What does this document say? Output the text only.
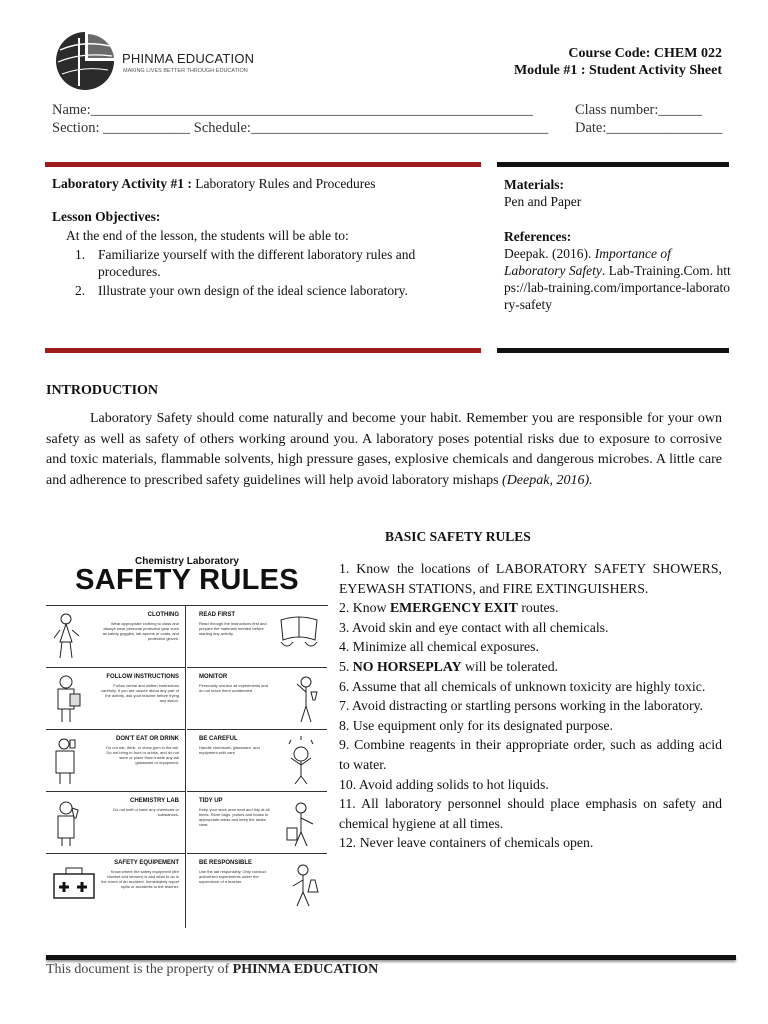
PHINMA EDUCATION
MAKING LIVES BETTER THROUGH EDUCATION
Course Code: CHEM 022
Module #1 : Student Activity Sheet
Name:_____________________________________________________________	Class number:______
Section: ____________ Schedule:_________________________________________ Date:________________
Laboratory Activity #1 : Laboratory Rules and Procedures
Lesson Objectives:
At the end of the lesson, the students will be able to:
1. Familiarize yourself with the different laboratory rules and procedures.
2. Illustrate your own design of the ideal science laboratory.
Materials:
Pen and Paper
References:
Deepak. (2016). Importance of Laboratory Safety. Lab-Training.Com. https://lab-training.com/importance-laboratory-safety
INTRODUCTION

Laboratory Safety should come naturally and become your habit. Remember you are responsible for your own safety as well as safety of others working around you. A laboratory poses potential risks due to exposure to corrosive and toxic materials, flammable solvents, high pressure gases, explosive chemicals and dangerous microbes. A little care and adherence to prescribed safety guidelines will help avoid laboratory mishaps (Deepak, 2016).

Chemistry Laboratory
SAFETY RULES
CLOTHING
Wear appropriate clothing to class and always wear personal protective gear such as safety goggles, lab aprons or coats, and protective gloves.
READ FIRST
Read through the instructions first and prepare the materials needed before starting any activity.
FOLLOW INSTRUCTIONS
Follow verbal and written instructions carefully. If you are unsure about any part of the activity, ask your teacher before trying any action.
MONITOR
Personally monitor all experiments and do not leave them unattended.
DON'T EAT OR DRINK
Do not eat, drink, or chew gum in the lab. Do not bring in food or drinks, and do not store or place them inside any lab glassware or equipment.
BE CAREFUL
Handle chemicals, glassware, and equipment with care.
CHEMISTRY LAB
Do not sniff or taste any chemicals or substances.
TIDY UP
Keep your work area neat and tidy at all times. Store bags, purses and books in appropriate areas and keep the aisles clear.
SAFETY EQUIPEMENT
Know where the safety equipment (fire blanket and shower) is and what to do in the event of an accident. Immediately report spills or accidents to the teacher.
BE RESPONSIBLE
Use the lab responsibly. Only conduct authorized experiments under the supervision of a teacher.
BASIC SAFETY RULES
1. Know the locations of LABORATORY SAFETY SHOWERS, EYEWASH STATIONS, and FIRE EXTINGUISHERS.
2. Know EMERGENCY EXIT routes.
3. Avoid skin and eye contact with all chemicals.
4. Minimize all chemical exposures.
5. NO HORSEPLAY will be tolerated.
6. Assume that all chemicals of unknown toxicity are highly toxic.
7. Avoid distracting or startling persons working in the laboratory.
8. Use equipment only for its designated purpose.
9. Combine reagents in their appropriate order, such as adding acid to water.
10. Avoid adding solids to hot liquids.
11. All laboratory personnel should place emphasis on safety and chemical hygiene at all times.
12. Never leave containers of chemicals open.
This document is the property of PHINMA EDUCATION
